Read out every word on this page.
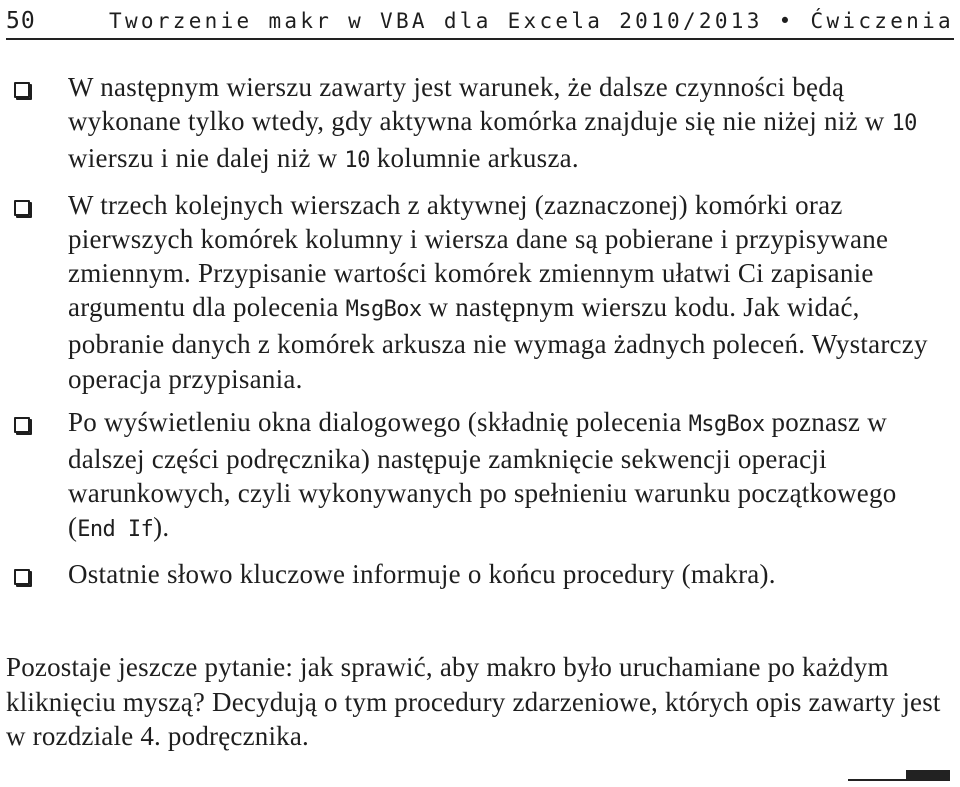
50	Tworzenie makr w VBA dla Excela 2010/2013 • Ćwiczenia
W następnym wierszu zawarty jest warunek, że dalsze czynności będą wykonane tylko wtedy, gdy aktywna komórka znajduje się nie niżej niż w 10 wierszu i nie dalej niż w 10 kolumnie arkusza.
W trzech kolejnych wierszach z aktywnej (zaznaczonej) komórki oraz pierwszych komórek kolumny i wiersza dane są pobierane i przypisywane zmiennym. Przypisanie wartości komórek zmiennym ułatwi Ci zapisanie argumentu dla polecenia MsgBox w następnym wierszu kodu. Jak widać, pobranie danych z komórek arkusza nie wymaga żadnych poleceń. Wystarczy operacja przypisania.
Po wyświetleniu okna dialogowego (składnię polecenia MsgBox poznasz w dalszej części podręcznika) następuje zamknięcie sekwencji operacji warunkowych, czyli wykonywanych po spełnieniu warunku początkowego (End If).
Ostatnie słowo kluczowe informuje o końcu procedury (makra).
Pozostaje jeszcze pytanie: jak sprawić, aby makro było uruchamiane po każdym kliknięciu myszą? Decydują o tym procedury zdarzeniowe, których opis zawarty jest w rozdziale 4. podręcznika.
